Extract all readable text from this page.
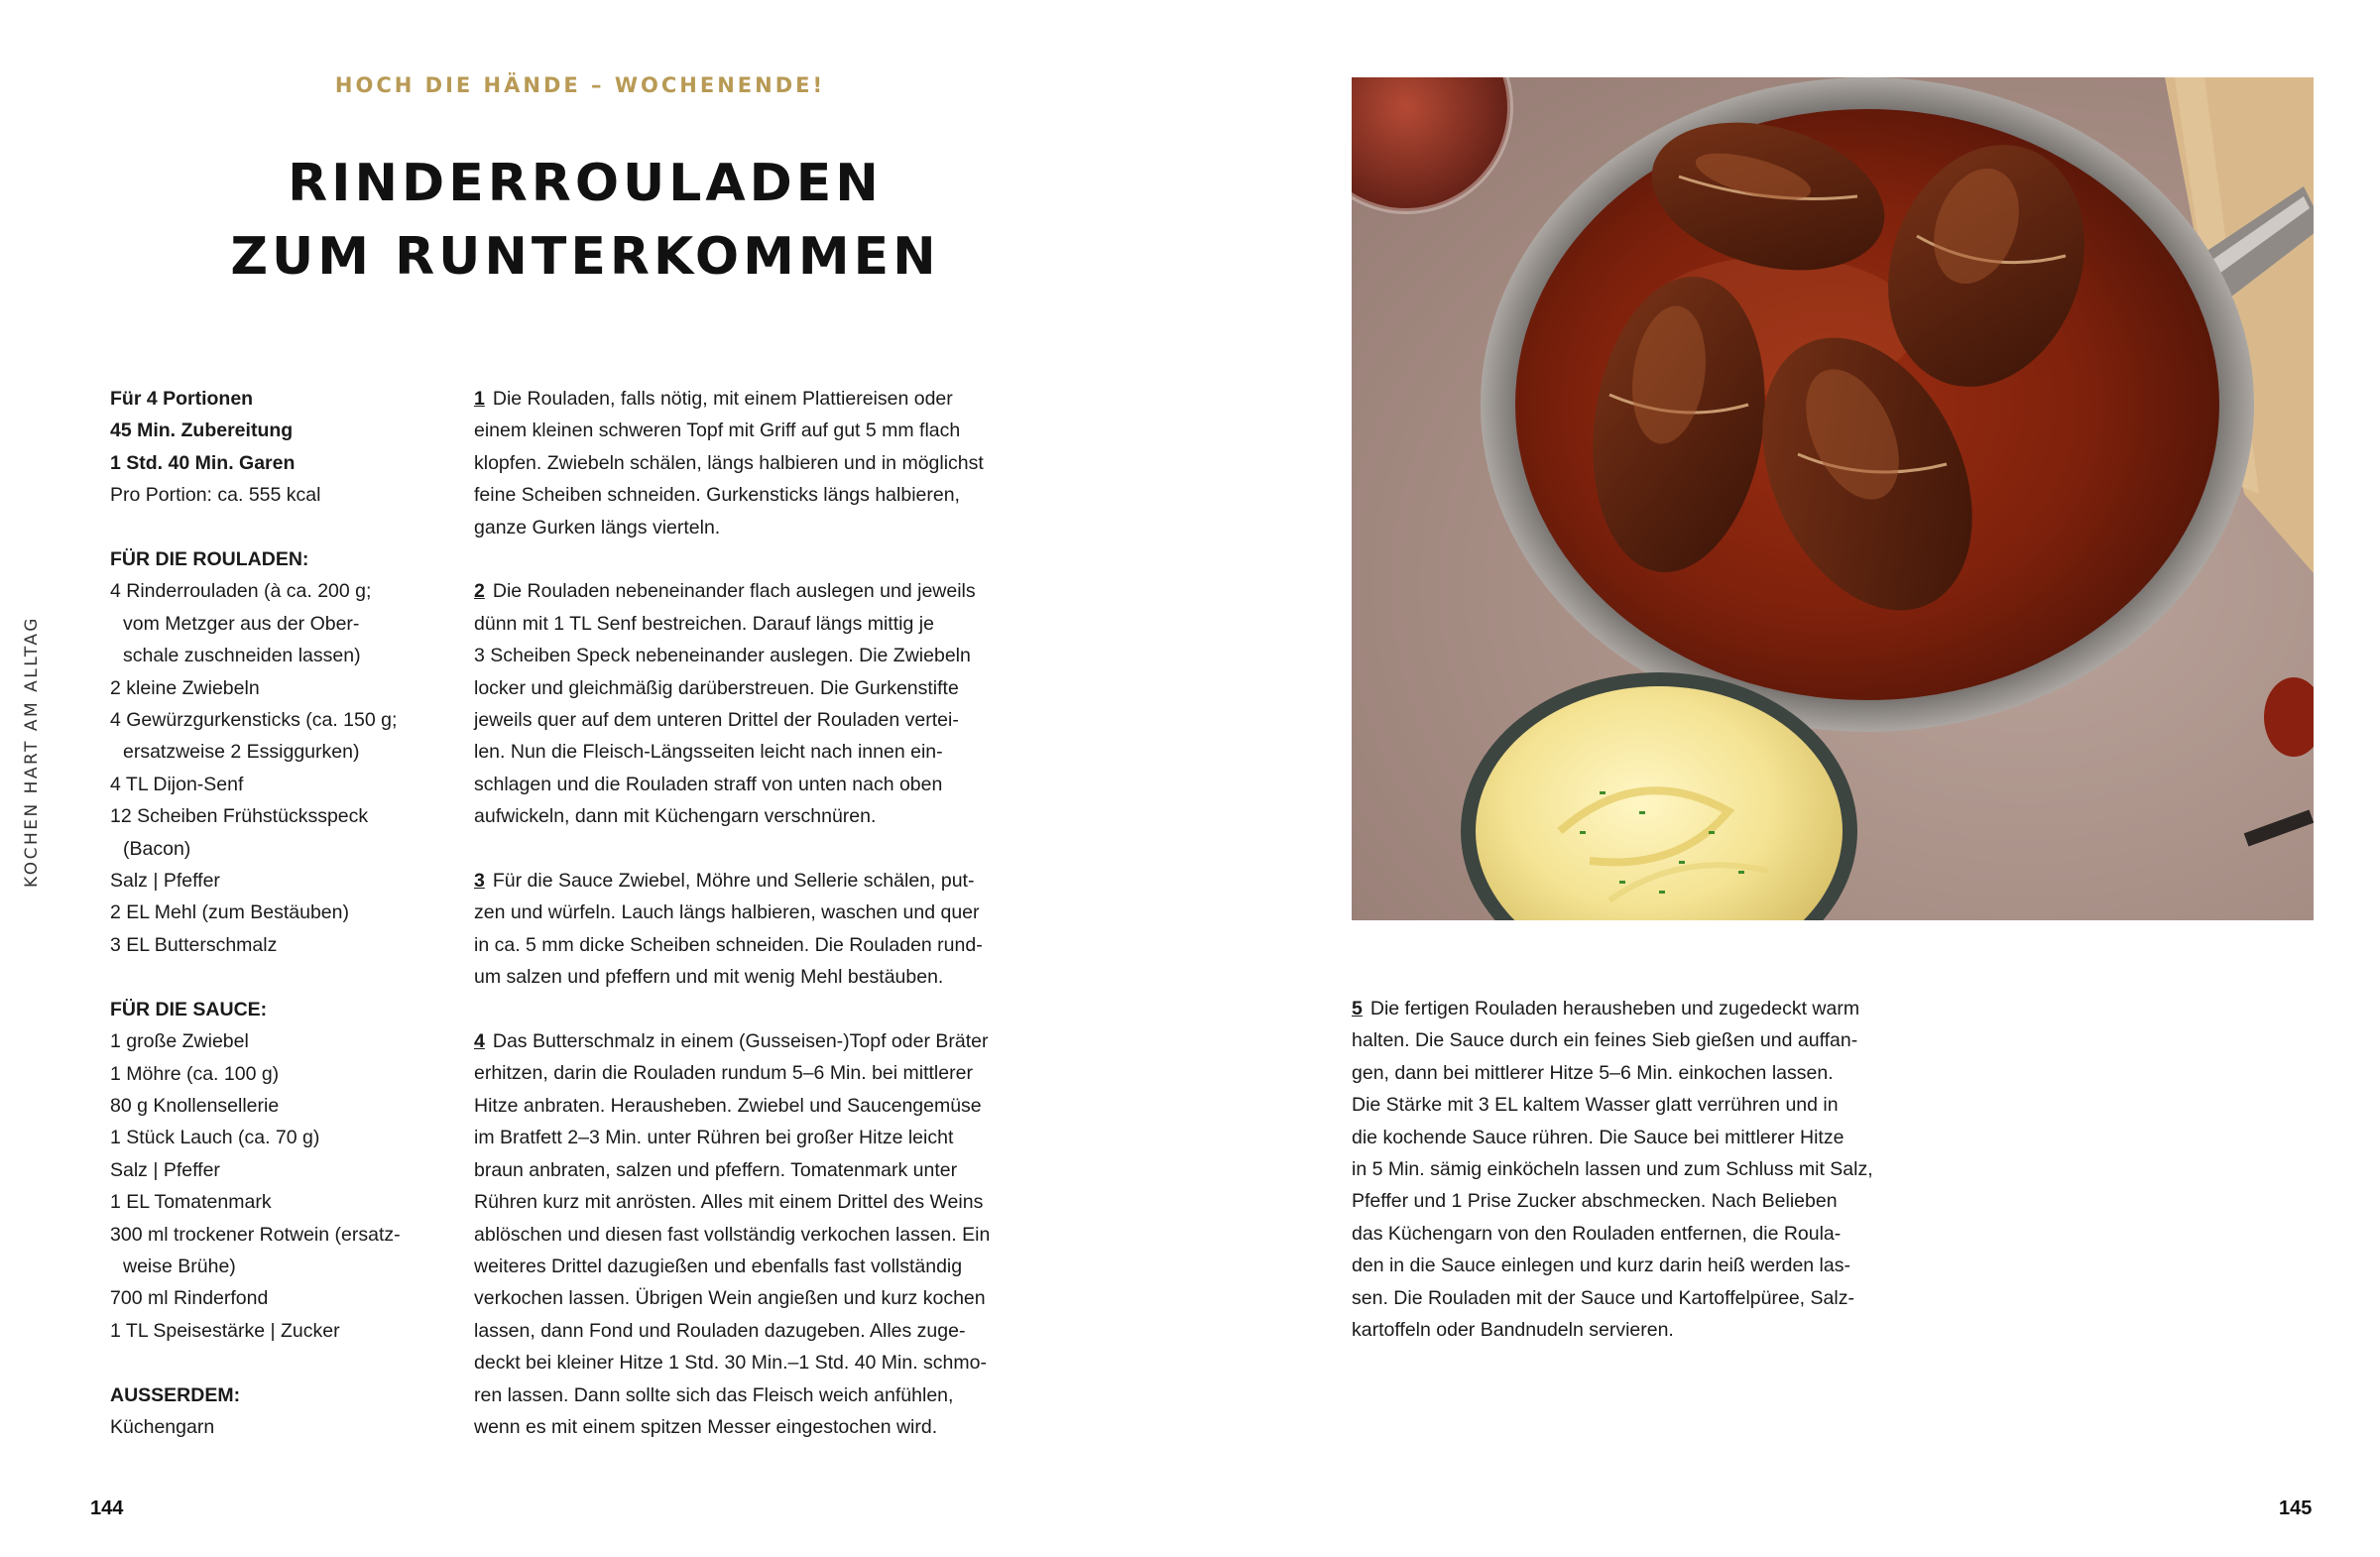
HOCH DIE HÄNDE – WOCHENENDE!
RINDERROULADEN
ZUM RUNTERKOMMEN
KOCHEN HART AM ALLTAG
Für 4 Portionen
45 Min. Zubereitung
1 Std. 40 Min. Garen
Pro Portion: ca. 555 kcal
FÜR DIE ROULADEN:
4 Rinderrouladen (à ca. 200 g;
vom Metzger aus der Ober-
schale zuschneiden lassen)
2 kleine Zwiebeln
4 Gewürzgurkensticks (ca. 150 g;
ersatzweise 2 Essiggurken)
4 TL Dijon-Senf
12 Scheiben Frühstücksspeck
(Bacon)
Salz | Pfeffer
2 EL Mehl (zum Bestäuben)
3 EL Butterschmalz
FÜR DIE SAUCE:
1 große Zwiebel
1 Möhre (ca. 100 g)
80 g Knollensellerie
1 Stück Lauch (ca. 70 g)
Salz | Pfeffer
1 EL Tomatenmark
300 ml trockener Rotwein (ersatz-
weise Brühe)
700 ml Rinderfond
1 TL Speisestärke | Zucker
AUSSERDEM:
Küchengarn
1 Die Rouladen, falls nötig, mit einem Plattiereisen oder
einem kleinen schweren Topf mit Griff auf gut 5 mm flach
klopfen. Zwiebeln schälen, längs halbieren und in möglichst
feine Scheiben schneiden. Gurkensticks längs halbieren,
ganze Gurken längs vierteln.
2 Die Rouladen nebeneinander flach auslegen und jeweils
dünn mit 1 TL Senf bestreichen. Darauf längs mittig je
3 Scheiben Speck nebeneinander auslegen. Die Zwiebeln
locker und gleichmäßig darüberstreuen. Die Gurkenstifte
jeweils quer auf dem unteren Drittel der Rouladen vertei-
len. Nun die Fleisch-Längsseiten leicht nach innen ein-
schlagen und die Rouladen straff von unten nach oben
aufwickeln, dann mit Küchengarn verschnüren.
3 Für die Sauce Zwiebel, Möhre und Sellerie schälen, put-
zen und würfeln. Lauch längs halbieren, waschen und quer
in ca. 5 mm dicke Scheiben schneiden. Die Rouladen rund-
um salzen und pfeffern und mit wenig Mehl bestäuben.
4 Das Butterschmalz in einem (Gusseisen-)Topf oder Bräter
erhitzen, darin die Rouladen rundum 5–6 Min. bei mittlerer
Hitze anbraten. Herausheben. Zwiebel und Saucengemüse
im Bratfett 2–3 Min. unter Rühren bei großer Hitze leicht
braun anbraten, salzen und pfeffern. Tomatenmark unter
Rühren kurz mit anrösten. Alles mit einem Drittel des Weins
ablöschen und diesen fast vollständig verkochen lassen. Ein
weiteres Drittel dazugießen und ebenfalls fast vollständig
verkochen lassen. Übrigen Wein angießen und kurz kochen
lassen, dann Fond und Rouladen dazugeben. Alles zuge-
deckt bei kleiner Hitze 1 Std. 30 Min.–1 Std. 40 Min. schmo-
ren lassen. Dann sollte sich das Fleisch weich anfühlen,
wenn es mit einem spitzen Messer eingestochen wird.
5 Die fertigen Rouladen herausheben und zugedeckt warm
halten. Die Sauce durch ein feines Sieb gießen und auffan-
gen, dann bei mittlerer Hitze 5–6 Min. einkochen lassen.
Die Stärke mit 3 EL kaltem Wasser glatt verrühren und in
die kochende Sauce rühren. Die Sauce bei mittlerer Hitze
in 5 Min. sämig einköcheln lassen und zum Schluss mit Salz,
Pfeffer und 1 Prise Zucker abschmecken. Nach Belieben
das Küchengarn von den Rouladen entfernen, die Roula-
den in die Sauce einlegen und kurz darin heiß werden las-
sen. Die Rouladen mit der Sauce und Kartoffelpüree, Salz-
kartoffeln oder Bandnudeln servieren.
144	145
